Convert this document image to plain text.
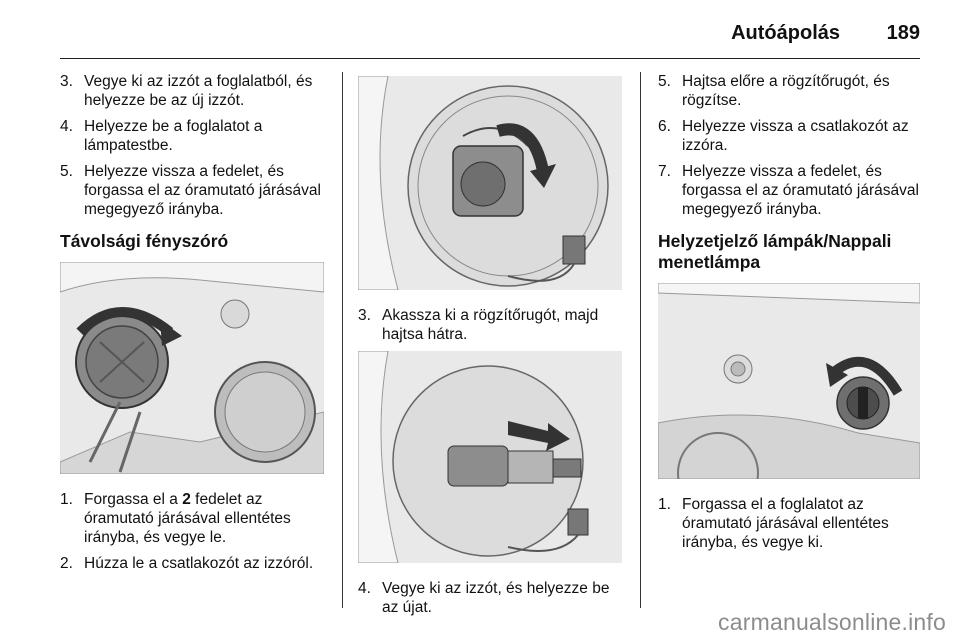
Autóápolás 189
3. Vegye ki az izzót a foglalatból, és helyezze be az új izzót.
4. Helyezze be a foglalatot a lámpatestbe.
5. Helyezze vissza a fedelet, és forgassa el az óramutató járásával megegyező irányba.
Távolsági fényszóró
1. Forgassa el a 2 fedelet az óramutató járásával ellentétes irányba, és vegye le.
2. Húzza le a csatlakozót az izzóról.
3. Akassza ki a rögzítőrugót, majd hajtsa hátra.
4. Vegye ki az izzót, és helyezze be az újat.
5. Hajtsa előre a rögzítőrugót, és rögzítse.
6. Helyezze vissza a csatlakozót az izzóra.
7. Helyezze vissza a fedelet, és forgassa el az óramutató járásával megegyező irányba.
Helyzetjelző lámpák/Nappali menetlámpa
1. Forgassa el a foglalatot az óramutató járásával ellentétes irányba, és vegye ki.
carmanualsonline.info
